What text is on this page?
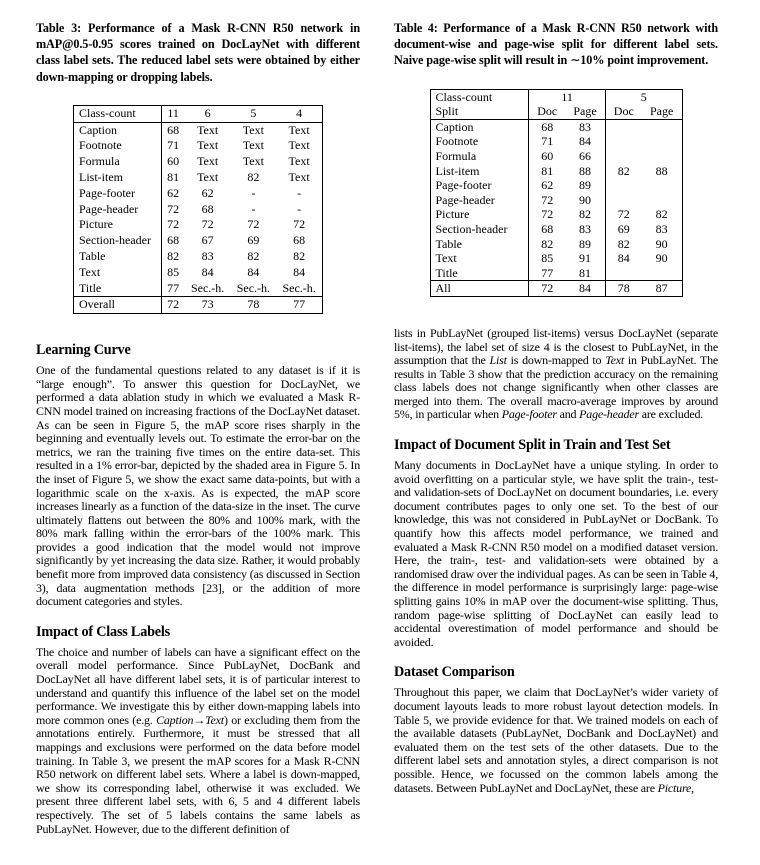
Table 3: Performance of a Mask R-CNN R50 network in mAP@0.5-0.95 scores trained on DocLayNet with different class label sets. The reduced label sets were obtained by either down-mapping or dropping labels.

Class-count	11	6	5	4
Caption	68	Text	Text	Text
Footnote	71	Text	Text	Text
Formula	60	Text	Text	Text
List-item	81	Text	82	Text
Page-footer	62	62	-	-
Page-header	72	68	-	-
Picture	72	72	72	72
Section-header	68	67	69	68
Table	82	83	82	82
Text	85	84	84	84
Title	77	Sec.-h.	Sec.-h.	Sec.-h.
Overall	72	73	78	77
Learning Curve

One of the fundamental questions related to any dataset is if it is “large enough”. To answer this question for DocLayNet, we performed a data ablation study in which we evaluated a Mask R-CNN model trained on increasing fractions of the DocLayNet dataset. As can be seen in Figure 5, the mAP score rises sharply in the beginning and eventually levels out. To estimate the error-bar on the metrics, we ran the training five times on the entire data-set. This resulted in a 1% error-bar, depicted by the shaded area in Figure 5. In the inset of Figure 5, we show the exact same data-points, but with a logarithmic scale on the x-axis. As is expected, the mAP score increases linearly as a function of the data-size in the inset. The curve ultimately flattens out between the 80% and 100% mark, with the 80% mark falling within the error-bars of the 100% mark. This provides a good indication that the model would not improve significantly by yet increasing the data size. Rather, it would probably benefit more from improved data consistency (as discussed in Section 3), data augmentation methods [23], or the addition of more document categories and styles.

Impact of Class Labels

The choice and number of labels can have a significant effect on the overall model performance. Since PubLayNet, DocBank and DocLayNet all have different label sets, it is of particular interest to understand and quantify this influence of the label set on the model performance. We investigate this by either down-mapping labels into more common ones (e.g. Caption→Text) or excluding them from the annotations entirely. Furthermore, it must be stressed that all mappings and exclusions were performed on the data before model training. In Table 3, we present the mAP scores for a Mask R-CNN R50 network on different label sets. Where a label is down-mapped, we show its corresponding label, otherwise it was excluded. We present three different label sets, with 6, 5 and 4 different labels respectively. The set of 5 labels contains the same labels as PubLayNet. However, due to the different definition of

Table 4: Performance of a Mask R-CNN R50 network with document-wise and page-wise split for different label sets. Naive page-wise split will result in ∼10% point improvement.

Class-count	11		5	
Split	Doc	Page	Doc	Page
Caption	68	83		
Footnote	71	84		
Formula	60	66		
List-item	81	88	82	88
Page-footer	62	89		
Page-header	72	90		
Picture	72	82	72	82
Section-header	68	83	69	83
Table	82	89	82	90
Text	85	91	84	90
Title	77	81		
All	72	84	78	87

lists in PubLayNet (grouped list-items) versus DocLayNet (separate list-items), the label set of size 4 is the closest to PubLayNet, in the assumption that the List is down-mapped to Text in PubLayNet. The results in Table 3 show that the prediction accuracy on the remaining class labels does not change significantly when other classes are merged into them. The overall macro-average improves by around 5%, in particular when Page-footer and Page-header are excluded.

Impact of Document Split in Train and Test Set

Many documents in DocLayNet have a unique styling. In order to avoid overfitting on a particular style, we have split the train-, test- and validation-sets of DocLayNet on document boundaries, i.e. every document contributes pages to only one set. To the best of our knowledge, this was not considered in PubLayNet or DocBank. To quantify how this affects model performance, we trained and evaluated a Mask R-CNN R50 model on a modified dataset version. Here, the train-, test- and validation-sets were obtained by a randomised draw over the individual pages. As can be seen in Table 4, the difference in model performance is surprisingly large: page-wise splitting gains 10% in mAP over the document-wise splitting. Thus, random page-wise splitting of DocLayNet can easily lead to accidental overestimation of model performance and should be avoided.

Dataset Comparison

Throughout this paper, we claim that DocLayNet’s wider variety of document layouts leads to more robust layout detection models. In Table 5, we provide evidence for that. We trained models on each of the available datasets (PubLayNet, DocBank and DocLayNet) and evaluated them on the test sets of the other datasets. Due to the different label sets and annotation styles, a direct comparison is not possible. Hence, we focussed on the common labels among the datasets. Between PubLayNet and DocLayNet, these are Picture,
